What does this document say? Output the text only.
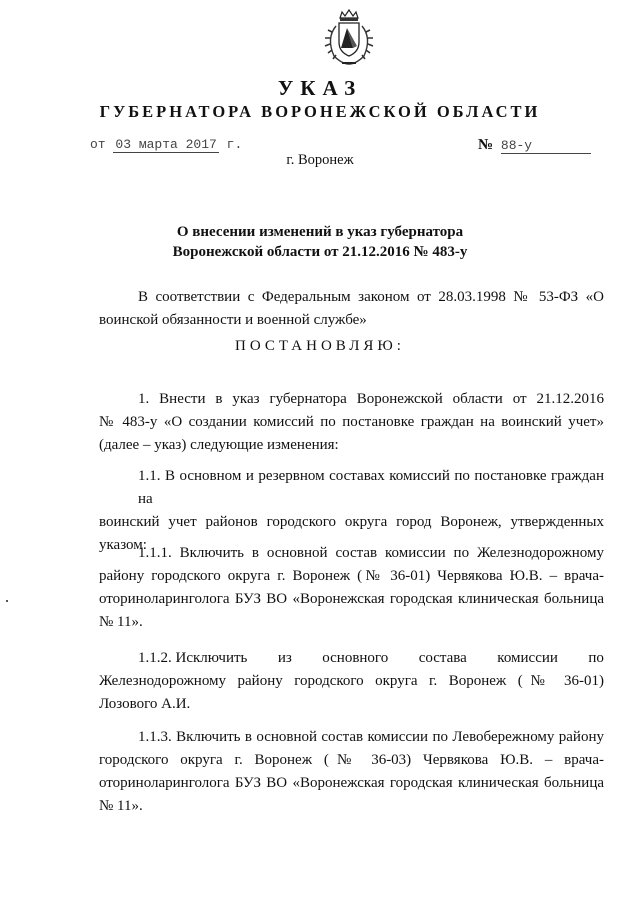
УКАЗ
ГУБЕРНАТОРА ВОРОНЕЖСКОЙ ОБЛАСТИ
от 03 марта 2017 г.	№ 88-у
г. Воронеж
О внесении изменений в указ губернатора
Воронежской области от 21.12.2016 № 483-у
В соответствии с Федеральным законом от 28.03.1998 № 53-ФЗ «О
воинской обязанности и военной службе»
ПОСТАНОВЛЯЮ:
1. Внести в указ губернатора Воронежской области от 21.12.2016
№ 483-у «О создании комиссий по постановке граждан на воинский учет»
(далее – указ) следующие изменения:
1.1. В основном и резервном составах комиссий по постановке граждан на
воинский учет районов городского округа город Воронеж, утвержденных
указом:
1.1.1. Включить в основной состав комиссии по Железнодорожному
району городского округа г. Воронеж (№ 36-01) Червякова Ю.В. – врача-
оториноларинголога БУЗ ВО «Воронежская городская клиническая больница
№ 11».
1.1.2. Исключить из основного состава комиссии по
Железнодорожному району городского округа г. Воронеж (№ 36-01)
Лозового А.И.
1.1.3. Включить в основной состав комиссии по Левобережному району
городского округа г. Воронеж (№ 36-03) Червякова Ю.В. – врача-
оториноларинголога БУЗ ВО «Воронежская городская клиническая больница
№ 11».
